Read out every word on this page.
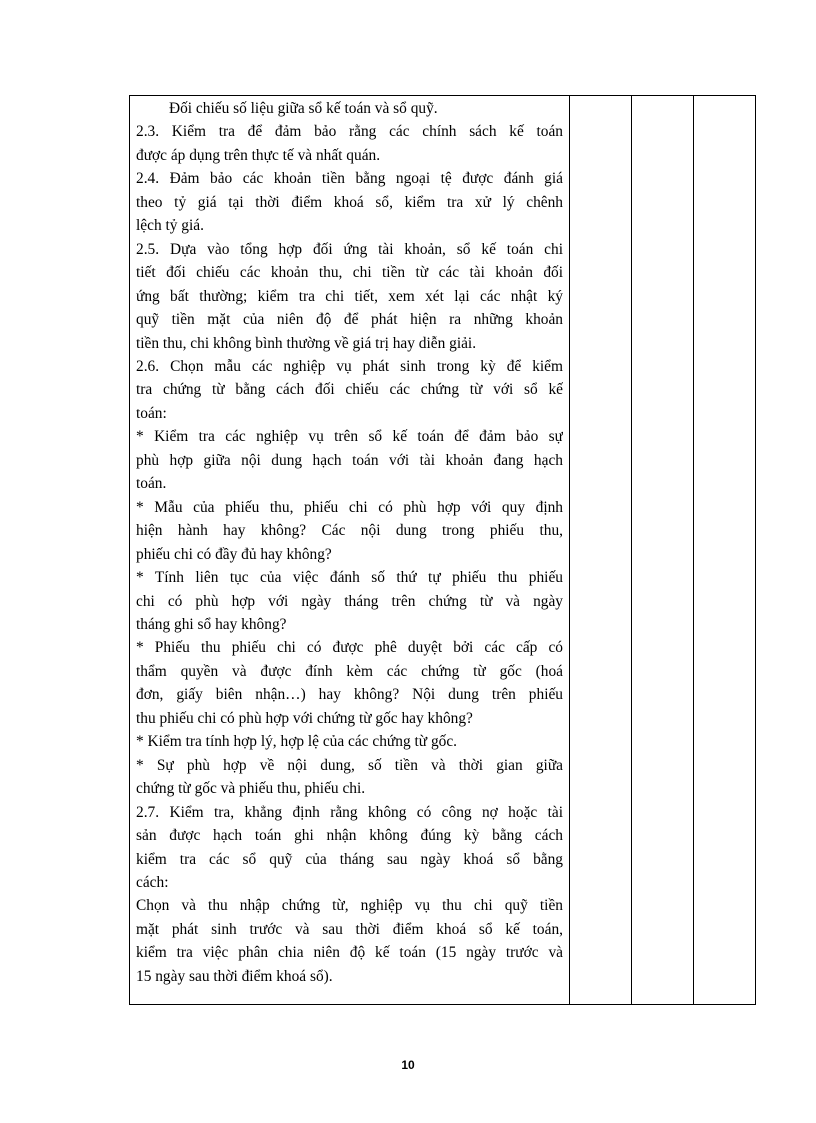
Đối chiếu số liệu giữa sổ kế toán và sổ quỹ.
2.3. Kiểm tra để đảm bảo rằng các chính sách kế toán
được áp dụng trên thực tế và nhất quán.
2.4. Đảm bảo các khoản tiền bằng ngoại tệ được đánh giá
theo tỷ giá tại thời điểm khoá sổ, kiểm tra xử lý chênh
lệch tỷ giá.
2.5. Dựa vào tổng hợp đối ứng tài khoản, sổ kế toán chi
tiết đối chiếu các khoản thu, chi tiền từ các tài khoản đối
ứng bất thường; kiểm tra chi tiết, xem xét lại các nhật ký
quỹ tiền mặt của niên độ để phát hiện ra những khoản
tiền thu, chi không bình thường về giá trị hay diễn giải.
2.6. Chọn mẫu các nghiệp vụ phát sinh trong kỳ để kiểm
tra chứng từ bằng cách đối chiếu các chứng từ với sổ kế
toán:
* Kiểm tra các nghiệp vụ trên sổ kế toán để đảm bảo sự
phù hợp giữa nội dung hạch toán với tài khoản đang hạch
toán.
* Mẫu của phiếu thu, phiếu chi có phù hợp với quy định
hiện hành hay không? Các nội dung trong phiếu thu,
phiếu chi có đầy đủ hay không?
* Tính liên tục của việc đánh số thứ tự phiếu thu phiếu
chi có phù hợp với ngày tháng trên chứng từ và ngày
tháng ghi sổ hay không?
* Phiếu thu phiếu chi có được phê duyệt bởi các cấp có
thẩm quyền và được đính kèm các chứng từ gốc (hoá
đơn, giấy biên nhận…) hay không? Nội dung trên phiếu
thu phiếu chi có phù hợp với chứng từ gốc hay không?
* Kiểm tra tính hợp lý, hợp lệ của các chứng từ gốc.
* Sự phù hợp về nội dung, số tiền và thời gian giữa
chứng từ gốc và phiếu thu, phiếu chi.
2.7. Kiểm tra, khẳng định rằng không có công nợ hoặc tài
sản được hạch toán ghi nhận không đúng kỳ bằng cách
kiểm tra các sổ quỹ của tháng sau ngày khoá sổ bằng
cách:
Chọn và thu nhập chứng từ, nghiệp vụ thu chi quỹ tiền
mặt phát sinh trước và sau thời điểm khoá sổ kế toán,
kiểm tra việc phân chia niên độ kế toán (15 ngày trước và
15 ngày sau thời điểm khoá sổ).

10
